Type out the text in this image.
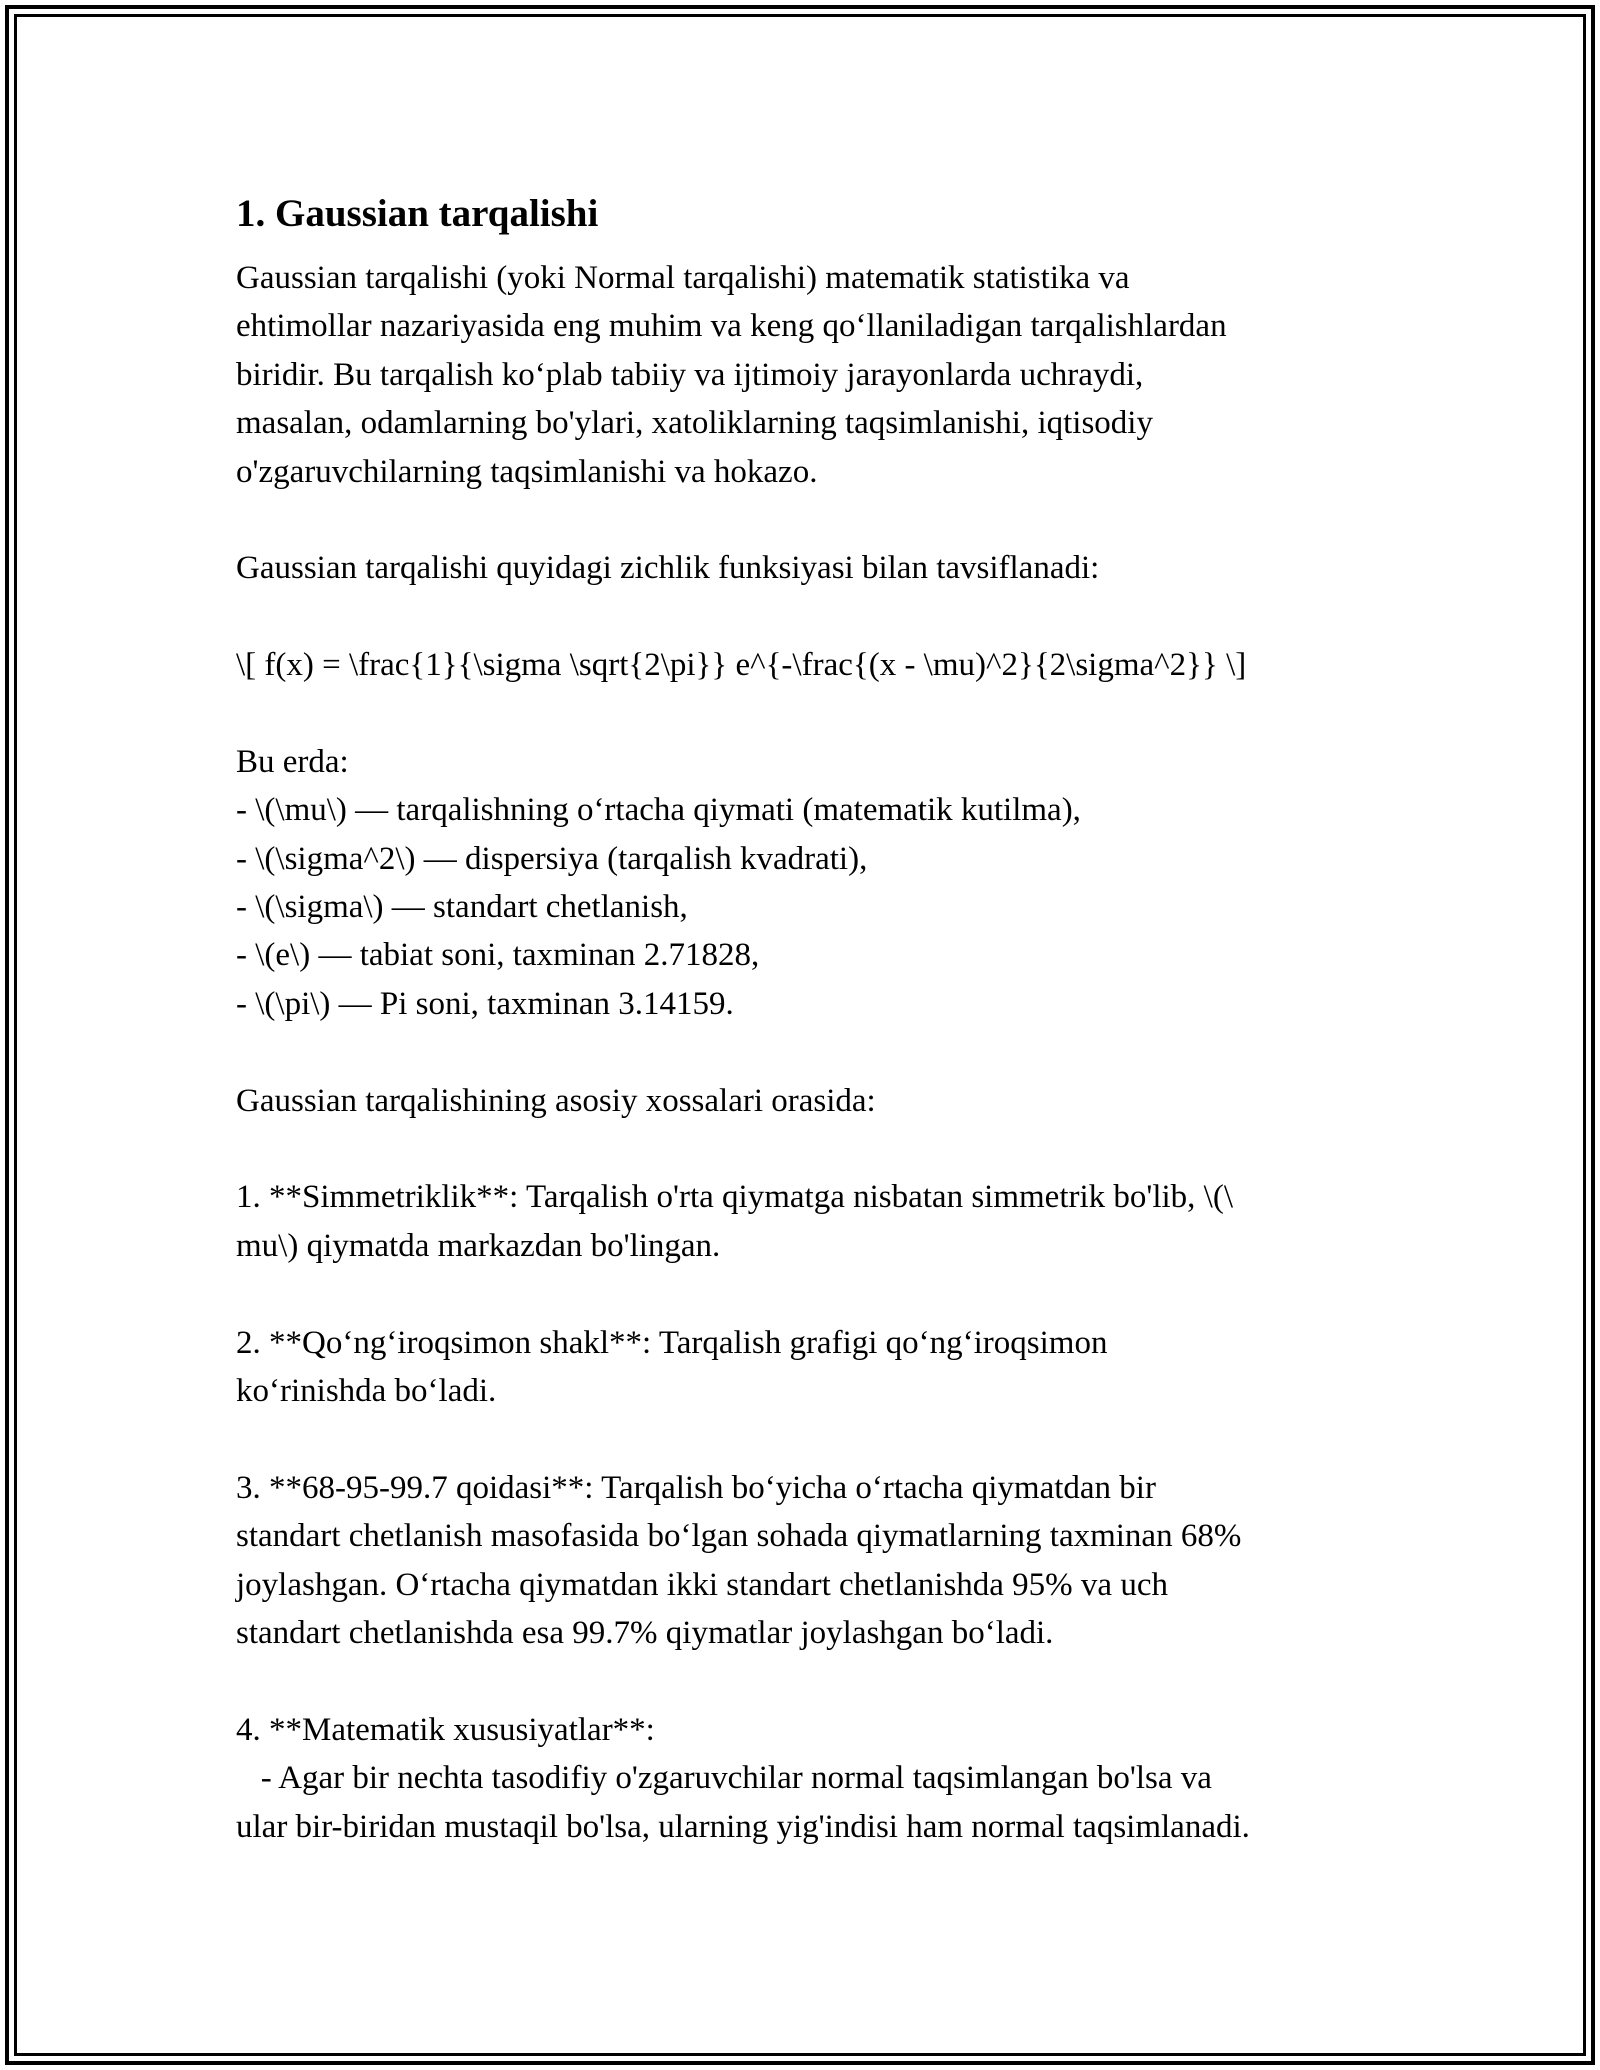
1. Gaussian tarqalishi
Gaussian tarqalishi (yoki Normal tarqalishi) matematik statistika va
ehtimollar nazariyasida eng muhim va keng qo‘llaniladigan tarqalishlardan
biridir. Bu tarqalish ko‘plab tabiiy va ijtimoiy jarayonlarda uchraydi,
masalan, odamlarning bo'ylari, xatoliklarning taqsimlanishi, iqtisodiy
o'zgaruvchilarning taqsimlanishi va hokazo.
Gaussian tarqalishi quyidagi zichlik funksiyasi bilan tavsiflanadi:
\[ f(x) = \frac{1}{\sigma \sqrt{2\pi}} e^{-\frac{(x - \mu)^2}{2\sigma^2}} \]
Bu erda:
- \(\mu\) — tarqalishning o‘rtacha qiymati (matematik kutilma),
- \(\sigma^2\) — dispersiya (tarqalish kvadrati),
- \(\sigma\) — standart chetlanish,
- \(e\) — tabiat soni, taxminan 2.71828,
- \(\pi\) — Pi soni, taxminan 3.14159.
Gaussian tarqalishining asosiy xossalari orasida:
1. **Simmetriklik**: Tarqalish o'rta qiymatga nisbatan simmetrik bo'lib, \(\
mu\) qiymatda markazdan bo'lingan.
2. **Qo‘ng‘iroqsimon shakl**: Tarqalish grafigi qo‘ng‘iroqsimon
ko‘rinishda bo‘ladi.
3. **68-95-99.7 qoidasi**: Tarqalish bo‘yicha o‘rtacha qiymatdan bir
standart chetlanish masofasida bo‘lgan sohada qiymatlarning taxminan 68%
joylashgan. O‘rtacha qiymatdan ikki standart chetlanishda 95% va uch
standart chetlanishda esa 99.7% qiymatlar joylashgan bo‘ladi.
4. **Matematik xususiyatlar**:
- Agar bir nechta tasodifiy o'zgaruvchilar normal taqsimlangan bo'lsa va
ular bir-biridan mustaqil bo'lsa, ularning yig'indisi ham normal taqsimlanadi.
